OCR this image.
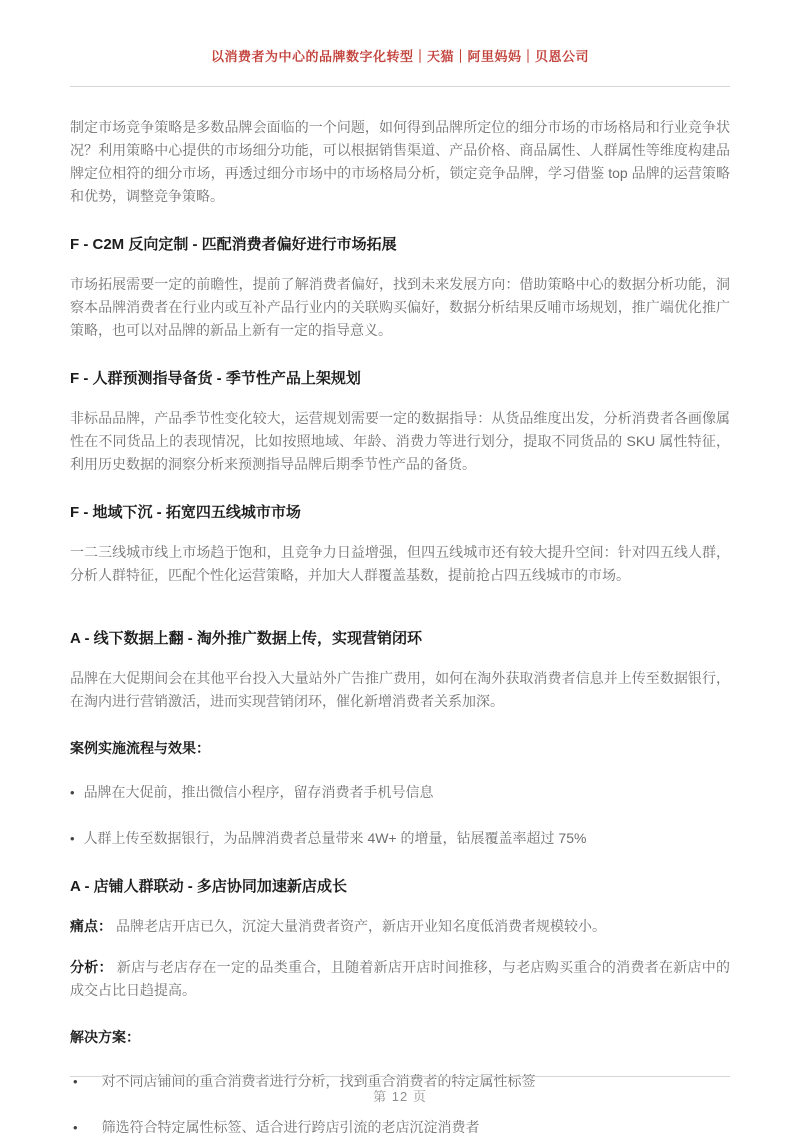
以消费者为中心的品牌数字化转型｜天猫｜阿里妈妈｜贝恩公司

制定市场竞争策略是多数品牌会面临的一个问题，如何得到品牌所定位的细分市场的市场格局和行业竞争状况？利用策略中心提供的市场细分功能，可以根据销售渠道、产品价格、商品属性、人群属性等维度构建品牌定位相符的细分市场，再透过细分市场中的市场格局分析，锁定竞争品牌，学习借鉴 top 品牌的运营策略和优势，调整竞争策略。

F - C2M 反向定制 - 匹配消费者偏好进行市场拓展

市场拓展需要一定的前瞻性，提前了解消费者偏好，找到未来发展方向：借助策略中心的数据分析功能，洞察本品牌消费者在行业内或互补产品行业内的关联购买偏好，数据分析结果反哺市场规划，推广端优化推广策略，也可以对品牌的新品上新有一定的指导意义。

F - 人群预测指导备货 - 季节性产品上架规划

非标品品牌，产品季节性变化较大，运营规划需要一定的数据指导：从货品维度出发，分析消费者各画像属性在不同货品上的表现情况，比如按照地域、年龄、消费力等进行划分，提取不同货品的 SKU 属性特征，利用历史数据的洞察分析来预测指导品牌后期季节性产品的备货。

F - 地域下沉 - 拓宽四五线城市市场

一二三线城市线上市场趋于饱和，且竞争力日益增强，但四五线城市还有较大提升空间：针对四五线人群，分析人群特征，匹配个性化运营策略，并加大人群覆盖基数，提前抢占四五线城市的市场。

A - 线下数据上翻 - 淘外推广数据上传，实现营销闭环

品牌在大促期间会在其他平台投入大量站外广告推广费用，如何在淘外获取消费者信息并上传至数据银行，在淘内进行营销激活，进而实现营销闭环，催化新增消费者关系加深。

案例实施流程与效果：
• 品牌在大促前，推出微信小程序，留存消费者手机号信息
• 人群上传至数据银行，为品牌消费者总量带来 4W+ 的增量，钻展覆盖率超过 75%
A - 店铺人群联动 - 多店协同加速新店成长

痛点： 品牌老店开店已久，沉淀大量消费者资产，新店开业知名度低消费者规模较小。

分析： 新店与老店存在一定的品类重合，且随着新店开店时间推移，与老店购买重合的消费者在新店中的成交占比日趋提高。

解决方案：
• 对不同店铺间的重合消费者进行分析，找到重合消费者的特定属性标签
• 筛选符合特定属性标签、适合进行跨店引流的老店沉淀消费者
第 12 页
